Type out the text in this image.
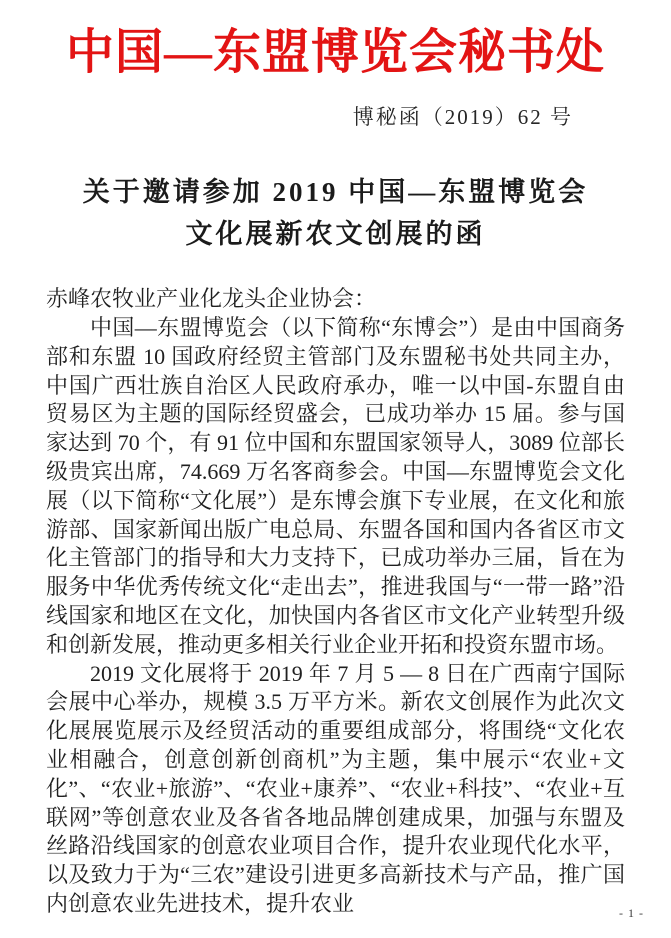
中国—东盟博览会秘书处
博秘函（2019）62 号
关于邀请参加 2019 中国—东盟博览会
文化展新农文创展的函

赤峰农牧业产业化龙头企业协会：

中国—东盟博览会（以下简称“东博会”）是由中国商务部和东盟 10 国政府经贸主管部门及东盟秘书处共同主办，中国广西壮族自治区人民政府承办，唯一以中国-东盟自由贸易区为主题的国际经贸盛会，已成功举办 15 届。参与国家达到 70 个，有 91 位中国和东盟国家领导人，3089 位部长级贵宾出席，74.669 万名客商参会。中国—东盟博览会文化展（以下简称“文化展”）是东博会旗下专业展，在文化和旅游部、国家新闻出版广电总局、东盟各国和国内各省区市文化主管部门的指导和大力支持下，已成功举办三届，旨在为服务中华优秀传统文化“走出去”，推进我国与“一带一路”沿线国家和地区在文化，加快国内各省区市文化产业转型升级和创新发展，推动更多相关行业企业开拓和投资东盟市场。

2019 文化展将于 2019 年 7 月 5 — 8 日在广西南宁国际会展中心举办，规模 3.5 万平方米。新农文创展作为此次文化展展览展示及经贸活动的重要组成部分，将围绕“文化农业相融合，创意创新创商机”为主题，集中展示“农业+文化”、“农业+旅游”、“农业+康养”、“农业+科技”、“农业+互联网”等创意农业及各省各地品牌创建成果，加强与东盟及丝路沿线国家的创意农业项目合作，提升农业现代化水平，以及致力于为“三农”建设引进更多高新技术与产品，推广国内创意农业先进技术，提升农业	- 1 -
